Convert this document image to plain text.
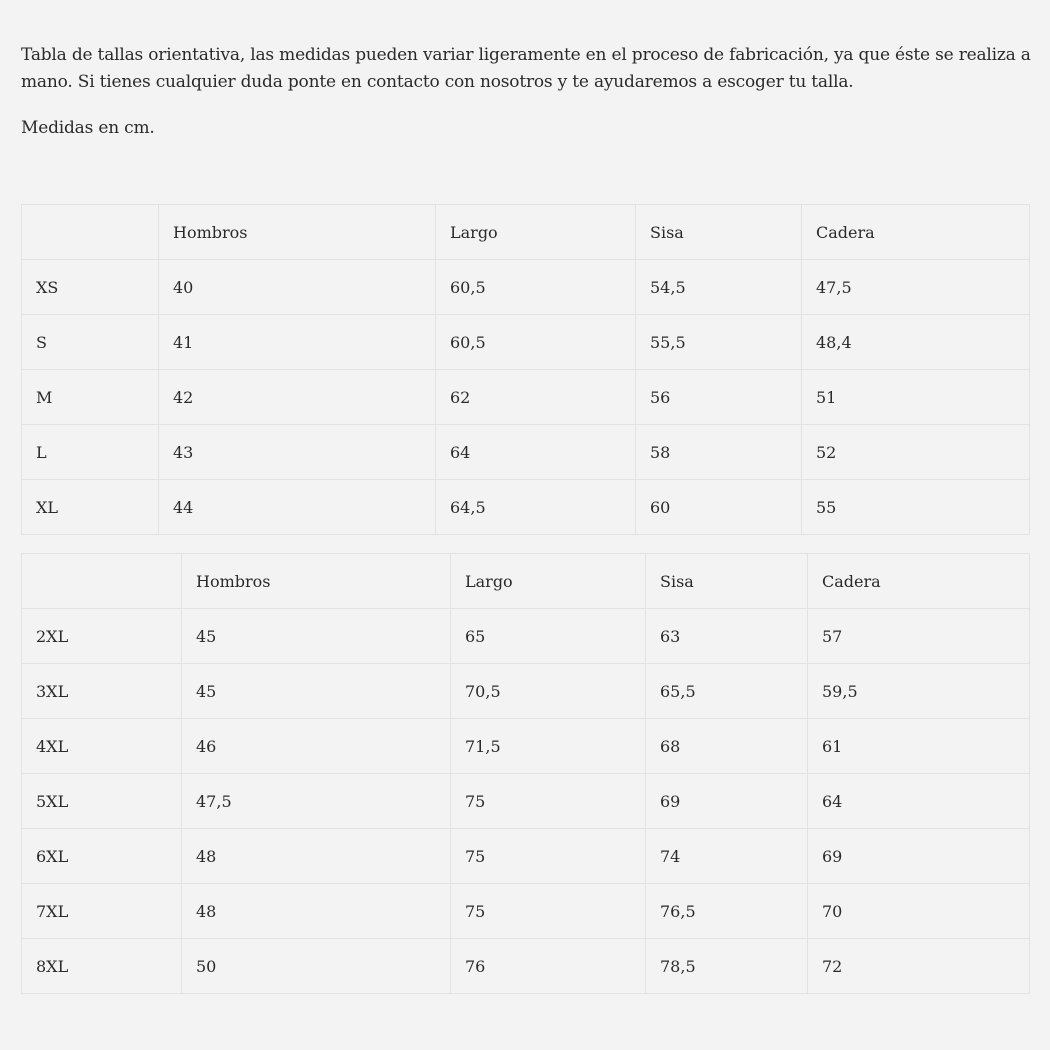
Tabla de tallas orientativa, las medidas pueden variar ligeramente en el proceso de fabricación, ya que éste se realiza a

mano. Si tienes cualquier duda ponte en contacto con nosotros y te ayudaremos a escoger tu talla.

Medidas en cm.
	Hombros	Largo	Sisa	Cadera
XS	40	60,5	54,5	47,5
S	41	60,5	55,5	48,4
M	42	62	56	51
L	43	64	58	52
XL	44	64,5	60	55
	Hombros	Largo	Sisa	Cadera
2XL	45	65	63	57
3XL	45	70,5	65,5	59,5
4XL	46	71,5	68	61
5XL	47,5	75	69	64
6XL	48	75	74	69
7XL	48	75	76,5	70
8XL	50	76	78,5	72
